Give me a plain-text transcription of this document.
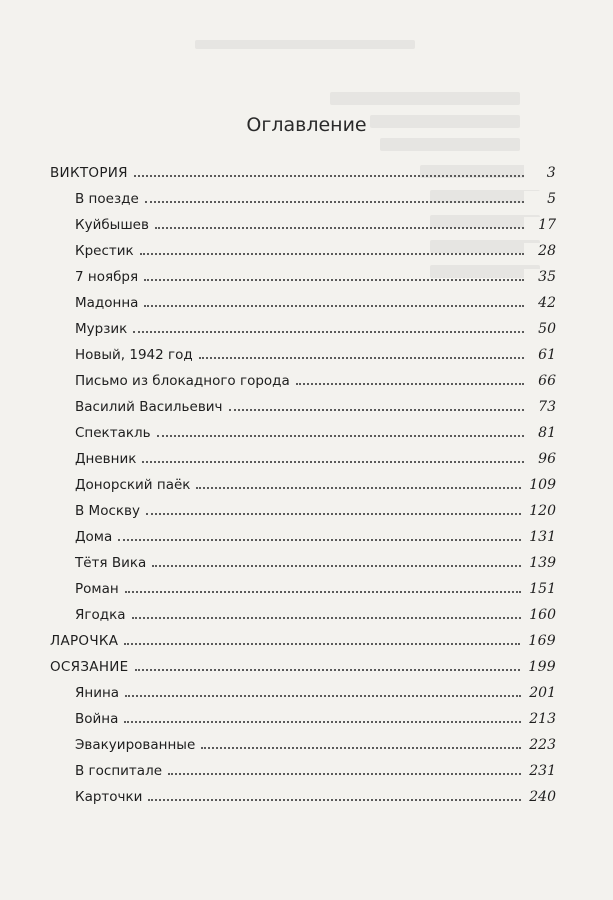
Оглавление
ВИКТОРИЯ	3
В поезде	5
Куйбышев	17
Крестик	28
7 ноября	35
Мадонна	42
Мурзик	50
Новый, 1942 год	61
Письмо из блокадного города	66
Василий Васильевич	73
Спектакль	81
Дневник	96
Донорский паёк	109
В Москву	120
Дома	131
Тётя Вика	139
Роман	151
Ягодка	160
ЛАРОЧКА	169
ОСЯЗАНИЕ	199
Янина	201
Война	213
Эвакуированные	223
В госпитале	231
Карточки	240
